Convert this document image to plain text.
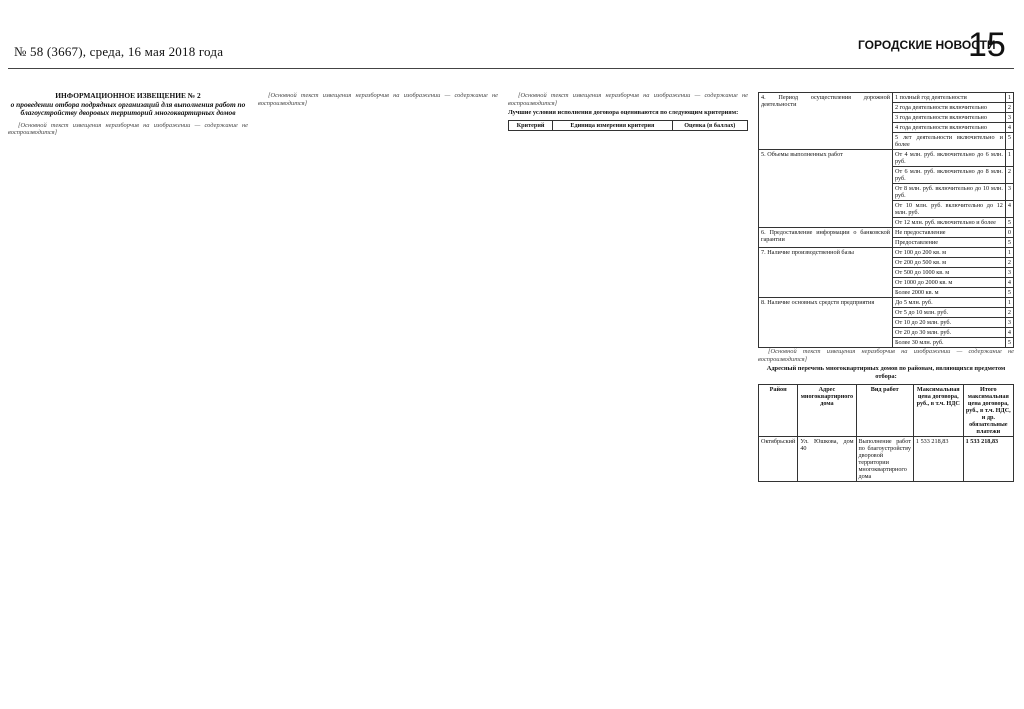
№ 58 (3667), среда, 16 мая 2018 года	ГОРОДСКИЕ НОВОСТИ
15
ИНФОРМАЦИОННОЕ ИЗВЕЩЕНИЕ № 2
о проведении отбора подрядных организаций для выполнения работ по благоустройству дворовых территорий многоквартирных домов

[Основной текст извещения неразборчив на изображении — содержание не воспроизводится]

[Основной текст извещения неразборчив на изображении — содержание не воспроизводится]

[Основной текст извещения неразборчив на изображении — содержание не воспроизводится]

Лучшие условия исполнения договора оцениваются по следующим критериям:
Критерий	Единица измерения критерия	Оценка (в баллах)
4. Период осуществления дорожной деятельности	1 полный год деятельности	1
	2 года деятельности включительно	2
	3 года деятельности включительно	3
	4 года деятельности включительно	4
	5 лет деятельности включительно и более	5
5. Объемы выполненных работ	От 4 млн. руб. включительно до 6 млн. руб.	1
	От 6 млн. руб. включительно до 8 млн. руб.	2
	От 8 млн. руб. включительно до 10 млн. руб.	3
	От 10 млн. руб. включительно до 12 млн. руб.	4
	От 12 млн. руб. включительно и более	5
6. Предоставление информации о банковской гарантии	Не предоставление	0
	Предоставление	5
7. Наличие производственной базы	От 100 до 200 кв. м	1
	От 200 до 500 кв. м	2
	От 500 до 1000 кв. м	3
	От 1000 до 2000 кв. м	4
	Более 2000 кв. м	5
8. Наличие основных средств предприятия	До 5 млн. руб.	1
	От 5 до 10 млн. руб.	2
	От 10 до 20 млн. руб.	3
	От 20 до 30 млн. руб.	4
	Более 30 млн. руб.	5

[Основной текст извещения неразборчив на изображении — содержание не воспроизводится]

Адресный перечень многоквартирных домов по районам, являющихся предметом отбора:
Район	Адрес многоквартирного дома	Вид работ	Максимальная цена договора, руб., в т.ч. НДС	Итого максимальная цена договора, руб., в т.ч. НДС, и др. обязательные платежи
Октябрьский	Ул. Юшкова, дом 40	Выполнение работ по благоустройству дворовой территории многоквартирного дома	1 533 218,83	1 533 218,83
